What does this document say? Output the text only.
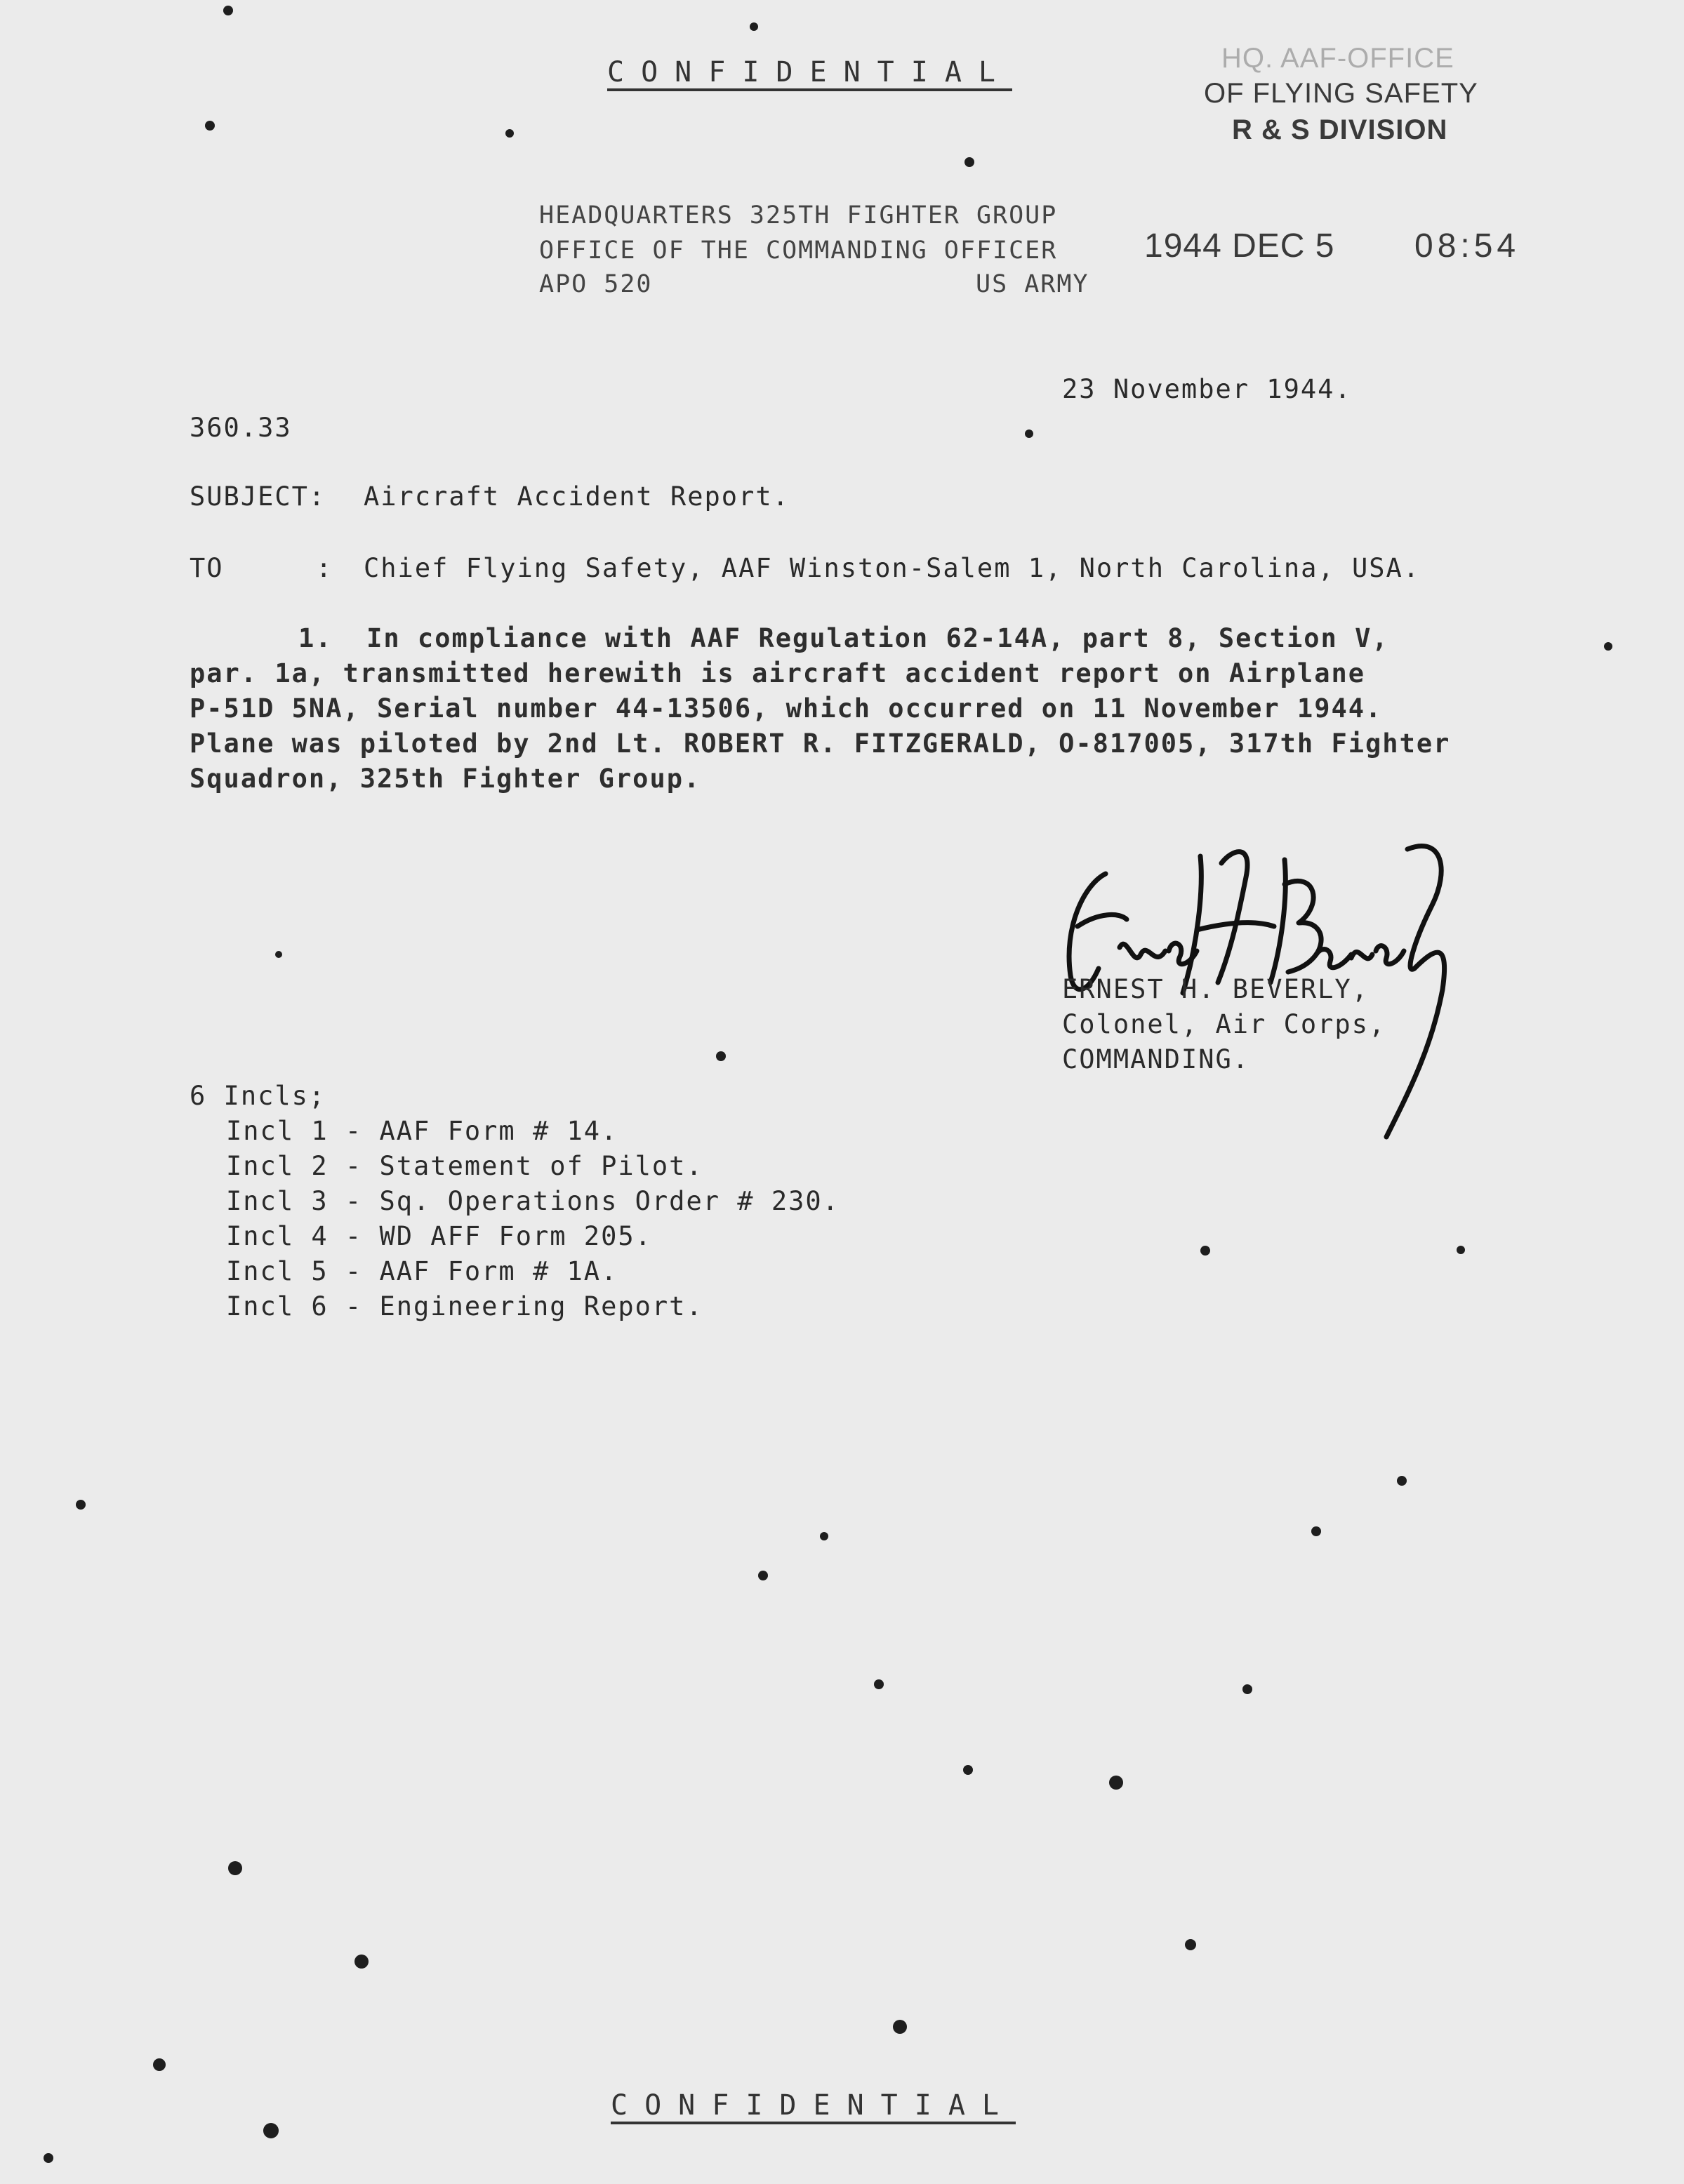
CONFIDENTIAL	HQ. AAF-OFFICE
OF FLYING SAFETY
R & S DIVISION
1944 DEC 5 08:54
HEADQUARTERS 325TH FIGHTER GROUP
OFFICE OF THE COMMANDING OFFICER
APO 520	US ARMY
23 November 1944.
360.33
SUBJECT: Aircraft Accident Report.
TO	: Chief Flying Safety, AAF Winston-Salem 1, North Carolina, USA.
1.  In compliance with AAF Regulation 62-14A, part 8, Section V,
par. 1a, transmitted herewith is aircraft accident report on Airplane
P-51D 5NA, Serial number 44-13506, which occurred on 11 November 1944.
Plane was piloted by 2nd Lt. ROBERT R. FITZGERALD, O-817005, 317th Fighter
Squadron, 325th Fighter Group.
ERNEST H. BEVERLY,
Colonel, Air Corps,
COMMANDING.
6 Incls;
Incl 1 - AAF Form # 14.
Incl 2 - Statement of Pilot.
Incl 3 - Sq. Operations Order # 230.
Incl 4 - WD AFF Form 205.
Incl 5 - AAF Form # 1A.
Incl 6 - Engineering Report.
CONFIDENTIAL
